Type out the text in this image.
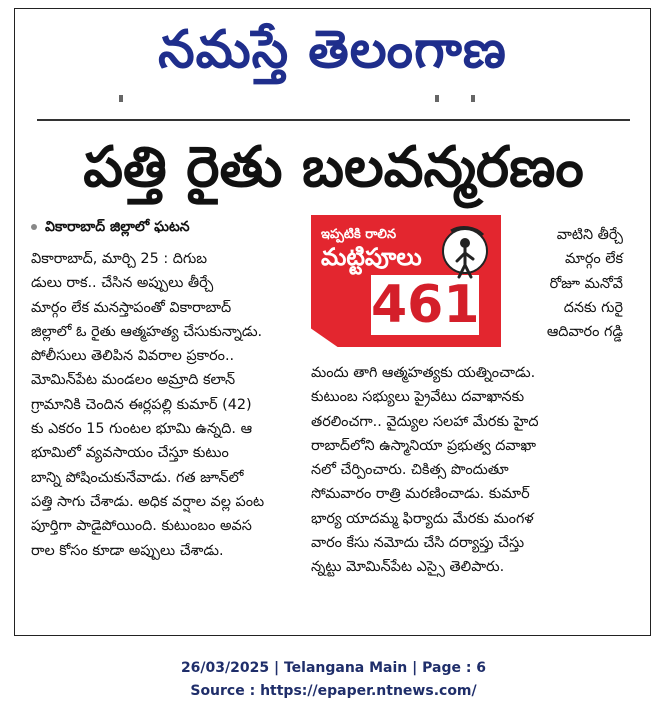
నమస్తే తెలంగాణ
పత్తి రైతు బలవన్మరణం
వికారాబాద్ జిల్లాలో ఘటన
వికారాబాద్, మార్చి 25 : దిగుబ
డులు రాక.. చేసిన అప్పులు తీర్చే
మార్గం లేక మనస్తాపంతో వికారాబాద్
జిల్లాలో ఓ రైతు ఆత్మహత్య చేసుకున్నాడు.
పోలీసులు తెలిపిన వివరాల ప్రకారం..
మోమిన్‌పేట మండలం అమ్రాది కలాన్
గ్రామానికి చెందిన ఈర్లపల్లి కుమార్ (42)
కు ఎకరం 15 గుంటల భూమి ఉన్నది. ఆ
భూమిలో వ్యవసాయం చేస్తూ కుటుం
బాన్ని పోషించుకునేవాడు. గత జూన్‌లో
పత్తి సాగు చేశాడు. అధిక వర్షాల వల్ల పంట
పూర్తిగా పాడైపోయింది. కుటుంబం అవస
రాల కోసం కూడా అప్పులు చేశాడు.
ఇప్పటికి రాలిన
మట్టిపూలు
461
వాటిని తీర్చే
మార్గం లేక
రోజూ మనోవే
దనకు గురై
ఆదివారం గడ్డి
మందు తాగి ఆత్మహత్యకు యత్నించాడు.
కుటుంబ సభ్యులు ప్రైవేటు దవాఖానకు
తరలించగా.. వైద్యుల సలహా మేరకు హైద
రాబాద్‌లోని ఉస్మానియా ప్రభుత్వ దవాఖా
నలో చేర్పించారు. చికిత్స పొందుతూ
సోమవారం రాత్రి మరణించాడు. కుమార్
భార్య యాదమ్మ ఫిర్యాదు మేరకు మంగళ
వారం కేసు నమోదు చేసి దర్యాప్తు చేస్తు
న్నట్టు మోమిన్‌పేట ఎస్సై తెలిపారు.
26/03/2025 | Telangana Main | Page : 6
Source : https://epaper.ntnews.com/
